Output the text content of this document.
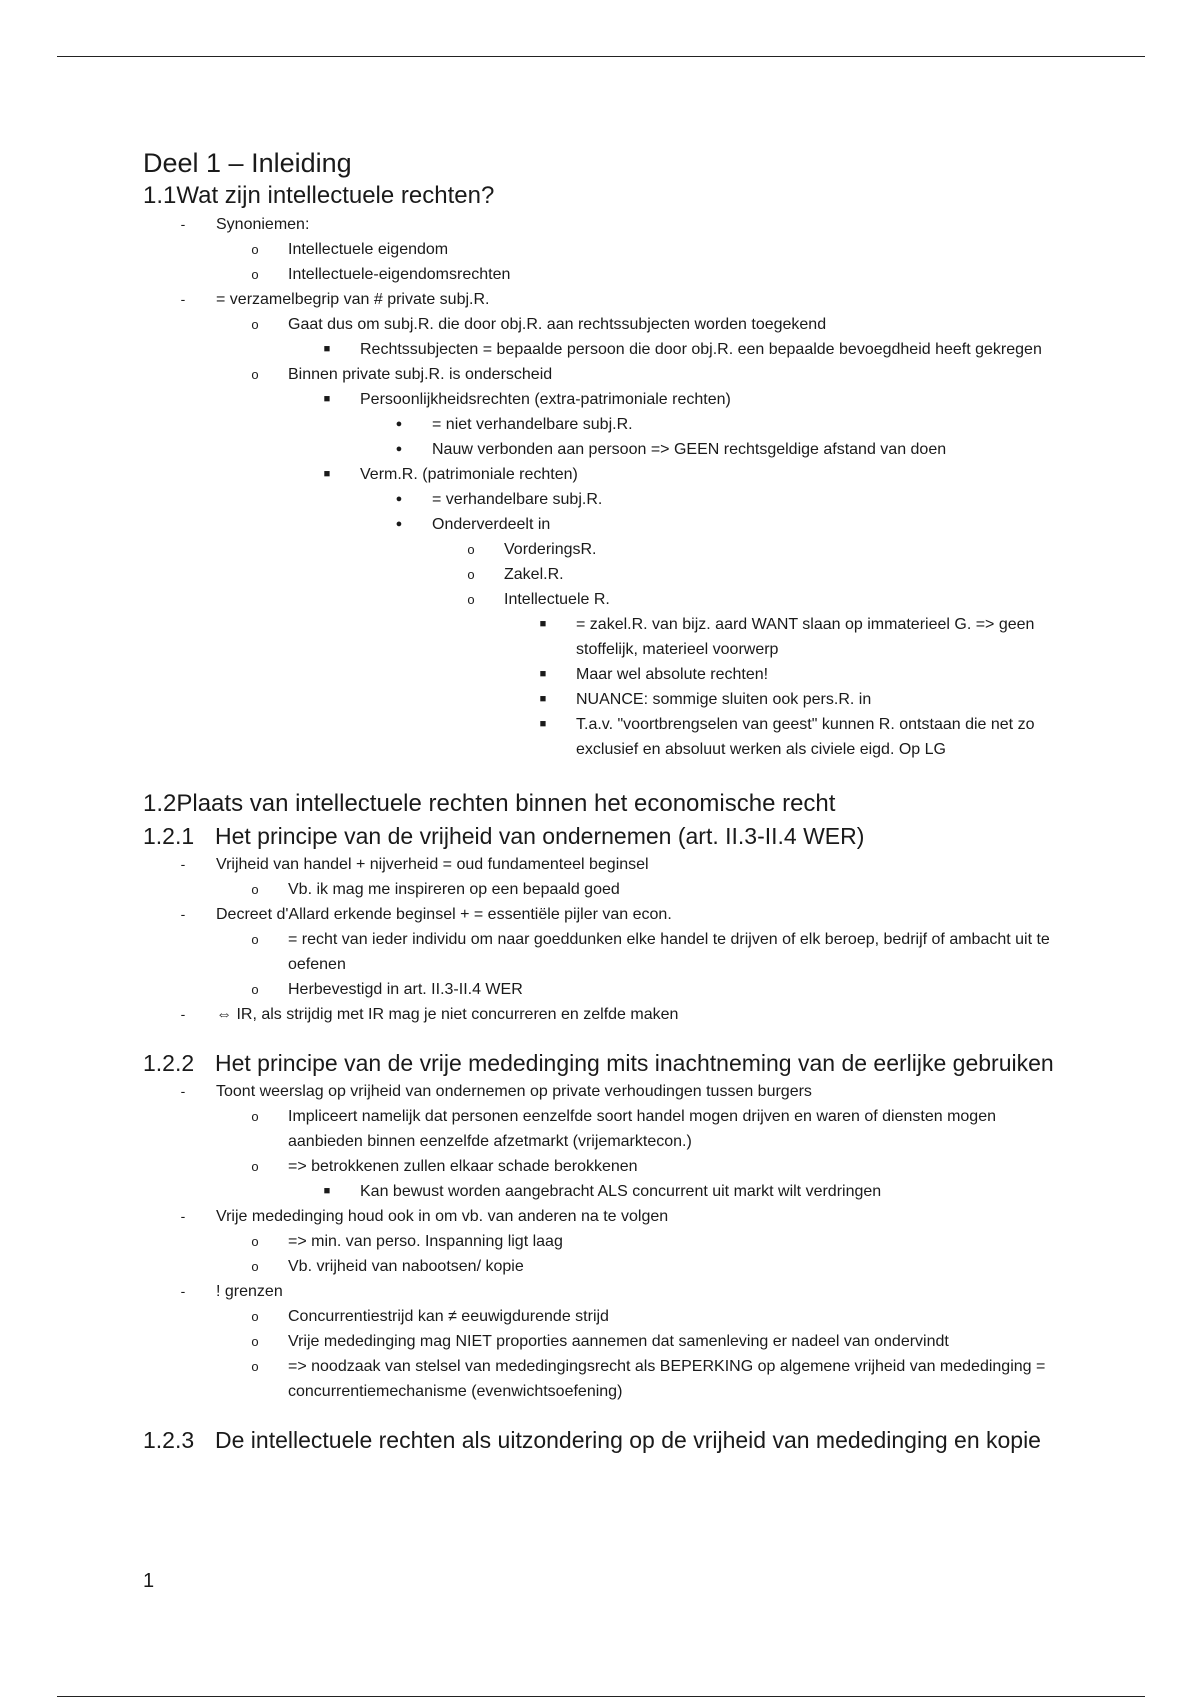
Deel 1 – Inleiding
1.1Wat zijn intellectuele rechten?
-	Synoniemen:
o	Intellectuele eigendom
o	Intellectuele-eigendomsrechten
-	= verzamelbegrip van # private subj.R.
o	Gaat dus om subj.R. die door obj.R. aan rechtssubjecten worden toegekend
■	Rechtssubjecten = bepaalde persoon die door obj.R. een bepaalde bevoegdheid heeft gekregen
o	Binnen private subj.R. is onderscheid
■	Persoonlijkheidsrechten (extra-patrimoniale rechten)
●	= niet verhandelbare subj.R.
●	Nauw verbonden aan persoon => GEEN rechtsgeldige afstand van doen
■	Verm.R. (patrimoniale rechten)
●	= verhandelbare subj.R.
●	Onderverdeelt in
o	VorderingsR.
o	Zakel.R.
o	Intellectuele R.
■	= zakel.R. van bijz. aard WANT slaan op immaterieel G. => geen stoffelijk, materieel voorwerp
■	Maar wel absolute rechten!
■	NUANCE: sommige sluiten ook pers.R. in
■	T.a.v. "voortbrengselen van geest" kunnen R. ontstaan die net zo exclusief en absoluut werken als civiele eigd. Op LG
1.2Plaats van intellectuele rechten binnen het economische recht
1.2.1 Het principe van de vrijheid van ondernemen (art. II.3-II.4 WER)
-	Vrijheid van handel + nijverheid = oud fundamenteel beginsel
o	Vb. ik mag me inspireren op een bepaald goed
-	Decreet d'Allard erkende beginsel + = essentiële pijler van econ.
o	= recht van ieder individu om naar goeddunken elke handel te drijven of elk beroep, bedrijf of ambacht uit te oefenen
o	Herbevestigd in art. II.3-II.4 WER
-	⇔ IR, als strijdig met IR mag je niet concurreren en zelfde maken
1.2.2 Het principe van de vrije mededinging mits inachtneming van de eerlijke gebruiken
-	Toont weerslag op vrijheid van ondernemen op private verhoudingen tussen burgers
o	Impliceert namelijk dat personen eenzelfde soort handel mogen drijven en waren of diensten mogen aanbieden binnen eenzelfde afzetmarkt (vrijemarktecon.)
o	=> betrokkenen zullen elkaar schade berokkenen
■	Kan bewust worden aangebracht ALS concurrent uit markt wilt verdringen
-	Vrije mededinging houd ook in om vb. van anderen na te volgen
o	=> min. van perso. Inspanning ligt laag
o	Vb. vrijheid van nabootsen/ kopie
-	! grenzen
o	Concurrentiestrijd kan ≠ eeuwigdurende strijd
o	Vrije mededinging mag NIET proporties aannemen dat samenleving er nadeel van ondervindt
o	=> noodzaak van stelsel van mededingingsrecht als BEPERKING op algemene vrijheid van mededinging = concurrentiemechanisme (evenwichtsoefening)
1.2.3 De intellectuele rechten als uitzondering op de vrijheid van mededinging en kopie
1
